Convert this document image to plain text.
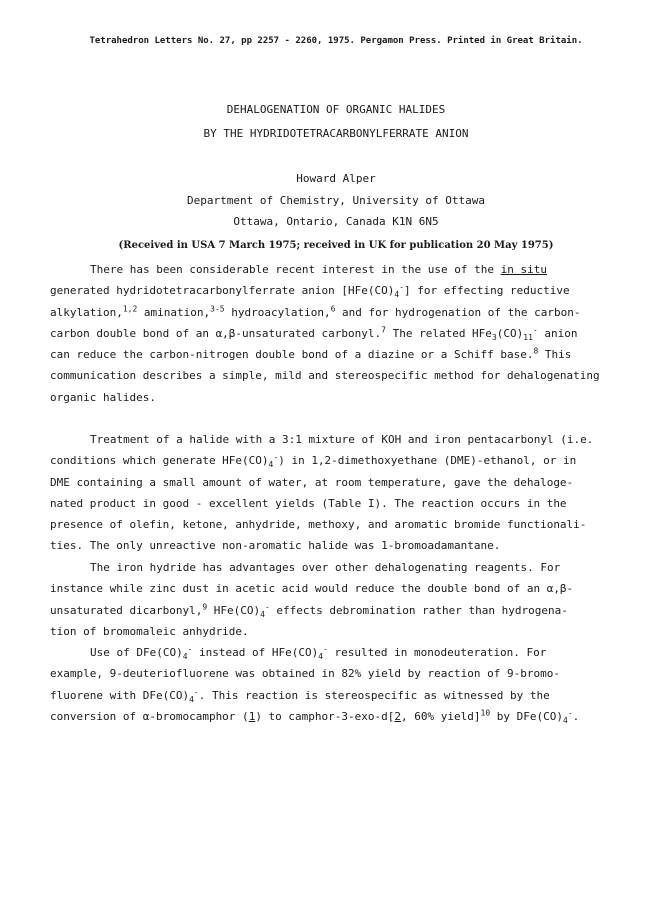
Tetrahedron Letters No. 27, pp 2257 - 2260, 1975. Pergamon Press. Printed in Great Britain.
DEHALOGENATION OF ORGANIC HALIDES
BY THE HYDRIDOTETRACARBONYLFERRATE ANION
Howard Alper
Department of Chemistry, University of Ottawa
Ottawa, Ontario, Canada K1N 6N5
(Received in USA 7 March 1975; received in UK for publication 20 May 1975)
There has been considerable recent interest in the use of the in situ
generated hydridotetracarbonylferrate anion $[HFe(CO)_4^-]$ for effecting reductive
alkylation,$^{1,2}$ amination,$^{3-5}$ hydroacylation,$^6$ and for hydrogenation of the carbon-
carbon double bond of an α,β-unsaturated carbonyl.$^7$ The related $HFe_3(CO)_{11}^-$ anion
can reduce the carbon-nitrogen double bond of a diazine or a Schiff base.$^8$ This
communication describes a simple, mild and stereospecific method for dehalogenating
organic halides.
Treatment of a halide with a 3:1 mixture of KOH and iron pentacarbonyl (i.e.
conditions which generate $HFe(CO)_4^-$) in 1,2-dimethoxyethane (DME)-ethanol, or in
DME containing a small amount of water, at room temperature, gave the dehaloge-
nated product in good - excellent yields (Table I). The reaction occurs in the
presence of olefin, ketone, anhydride, methoxy, and aromatic bromide functionali-
ties. The only unreactive non-aromatic halide was 1-bromoadamantane.
The iron hydride has advantages over other dehalogenating reagents. For
instance while zinc dust in acetic acid would reduce the double bond of an α,β-
unsaturated dicarbonyl,$^9$ $HFe(CO)_4^-$ effects debromination rather than hydrogena-
tion of bromomaleic anhydride.
Use of $DFe(CO)_4^-$ instead of $HFe(CO)_4^-$ resulted in monodeuteration. For
example, 9-deuteriofluorene was obtained in 82% yield by reaction of 9-bromo-
fluorene with $DFe(CO)_4^-$. This reaction is stereospecific as witnessed by the
conversion of α-bromocamphor (1) to camphor-3-exo-d[2, 60% yield]$^{10}$ by $DFe(CO)_4^-$.
